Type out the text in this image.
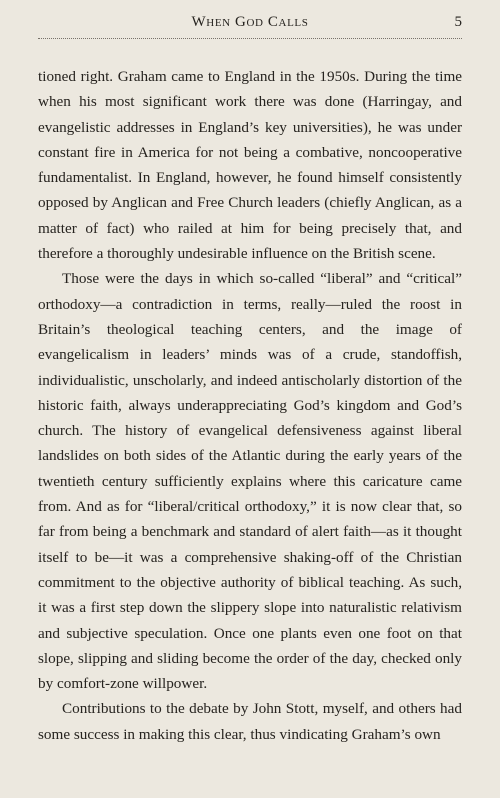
When God Calls	5

tioned right. Graham came to England in the 1950s. During the time when his most significant work there was done (Harringay, and evangelistic addresses in England’s key universities), he was under constant fire in America for not being a combative, noncooperative fundamentalist. In England, however, he found himself consistently opposed by Anglican and Free Church leaders (chiefly Anglican, as a matter of fact) who railed at him for being precisely that, and therefore a thoroughly undesirable influence on the British scene.

Those were the days in which so-called “liberal” and “critical” orthodoxy—a contradiction in terms, really—ruled the roost in Britain’s theological teaching centers, and the image of evangelicalism in leaders’ minds was of a crude, standoffish, individualistic, unscholarly, and indeed antischolarly distortion of the historic faith, always underappreciating God’s kingdom and God’s church. The history of evangelical defensiveness against liberal landslides on both sides of the Atlantic during the early years of the twentieth century sufficiently explains where this caricature came from. And as for “liberal/critical orthodoxy,” it is now clear that, so far from being a benchmark and standard of alert faith—as it thought itself to be—it was a comprehensive shaking-off of the Christian commitment to the objective authority of biblical teaching. As such, it was a first step down the slippery slope into naturalistic relativism and subjective speculation. Once one plants even one foot on that slope, slipping and sliding become the order of the day, checked only by comfort-zone willpower.

Contributions to the debate by John Stott, myself, and others had some success in making this clear, thus vindicating Graham’s own
